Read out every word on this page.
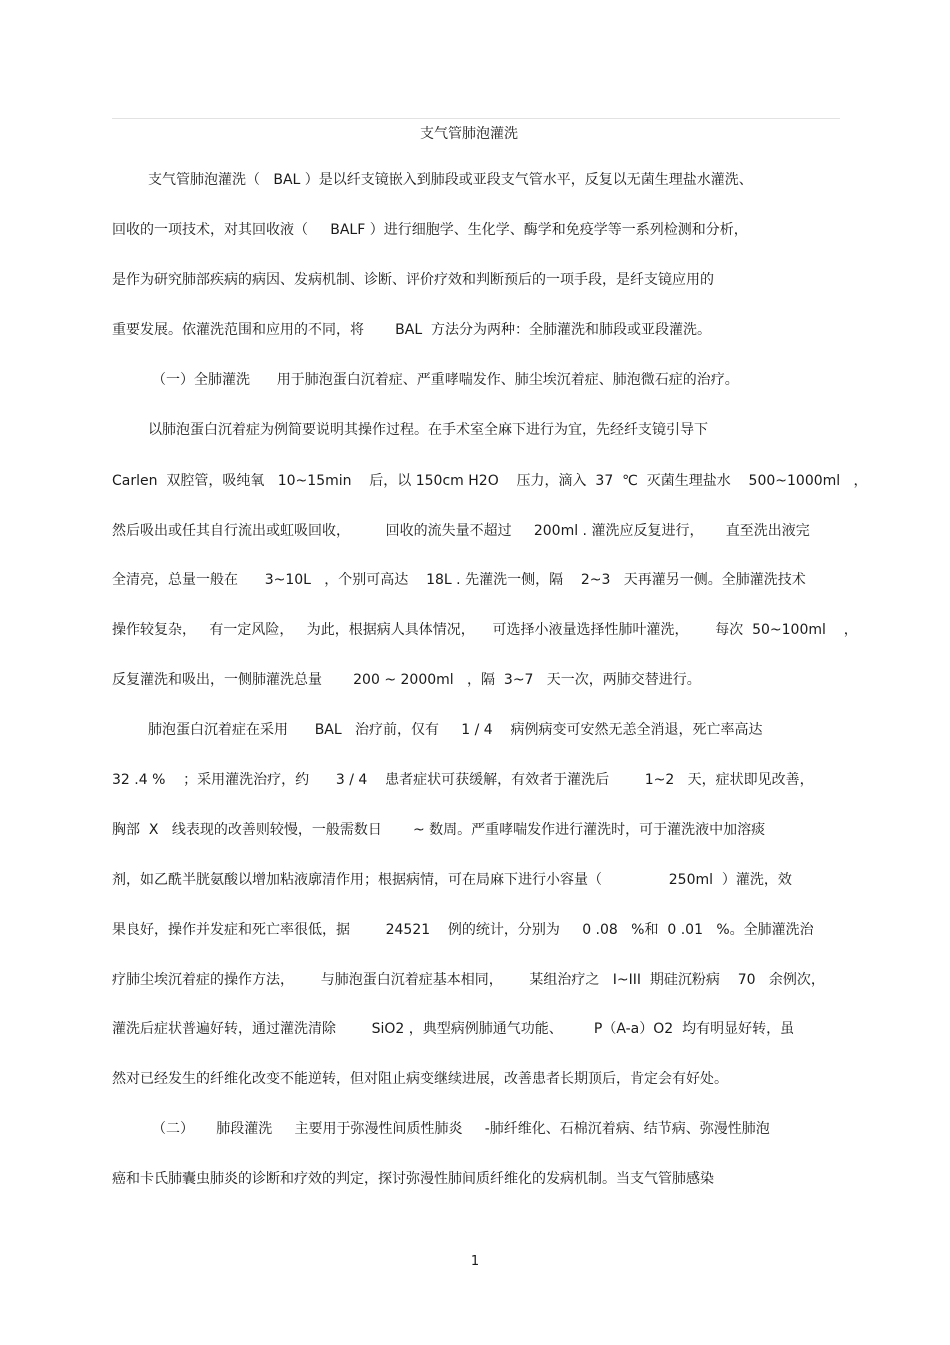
支气管肺泡灌洗
支气管肺泡灌洗（   BAL ）是以纤支镜嵌入到肺段或亚段支气管水平，反复以无菌生理盐水灌洗、
回收的一项技术，对其回收液（     BALF ）进行细胞学、生化学、酶学和免疫学等一系列检测和分析，
是作为研究肺部疾病的病因、发病机制、诊断、评价疗效和判断预后的一项手段，是纤支镜应用的
重要发展。依灌洗范围和应用的不同，将       BAL  方法分为两种：全肺灌洗和肺段或亚段灌洗。
（一）全肺灌洗      用于肺泡蛋白沉着症、严重哮喘发作、肺尘埃沉着症、肺泡微石症的治疗。
以肺泡蛋白沉着症为例简要说明其操作过程。在手术室全麻下进行为宜，先经纤支镜引导下
Carlen  双腔管，吸纯氧   10~15min    后，以 150cm H2O    压力，滴入  37  ℃  灭菌生理盐水    500~1000ml   ，
然后吸出或任其自行流出或虹吸回收，        回收的流失量不超过     200ml . 灌洗应反复进行，     直至洗出液完
全清亮，总量一般在      3~10L   ，个别可高达    18L . 先灌洗一侧，隔    2~3   天再灌另一侧。全肺灌洗技术
操作较复杂，   有一定风险，   为此，根据病人具体情况，    可选择小液量选择性肺叶灌洗，      每次  50~100ml    ，
反复灌洗和吸出，一侧肺灌洗总量       200 ~ 2000ml   ，隔  3~7   天一次，两肺交替进行。
肺泡蛋白沉着症在采用      BAL   治疗前，仅有     1 / 4    病例病变可安然无恙全消退，死亡率高达
32 .4 %    ；采用灌洗治疗，约      3 / 4    患者症状可获缓解，有效者于灌洗后        1~2   天，症状即见改善，
胸部  X   线表现的改善则较慢，一般需数日       ~ 数周。严重哮喘发作进行灌洗时，可于灌洗液中加溶痰
剂，如乙酰半胱氨酸以增加粘液廓清作用；根据病情，可在局麻下进行小容量（               250ml  ）灌洗，效
果良好，操作并发症和死亡率很低，据        24521    例的统计，分别为     0 .08   %和  0 .01   %。全肺灌洗治
疗肺尘埃沉着症的操作方法，      与肺泡蛋白沉着症基本相同，      某组治疗之   I~III  期硅沉粉病    70   余例次，
灌洗后症状普遍好转，通过灌洗清除        SiO2 ，典型病例肺通气功能、       P（A-a）O2  均有明显好转，虽
然对已经发生的纤维化改变不能逆转，但对阻止病变继续进展，改善患者长期顶后，肯定会有好处。
（二）     肺段灌洗     主要用于弥漫性间质性肺炎     -肺纤维化、石棉沉着病、结节病、弥漫性肺泡
癌和卡氏肺囊虫肺炎的诊断和疗效的判定，探讨弥漫性肺间质纤维化的发病机制。当支气管肺感染
1
